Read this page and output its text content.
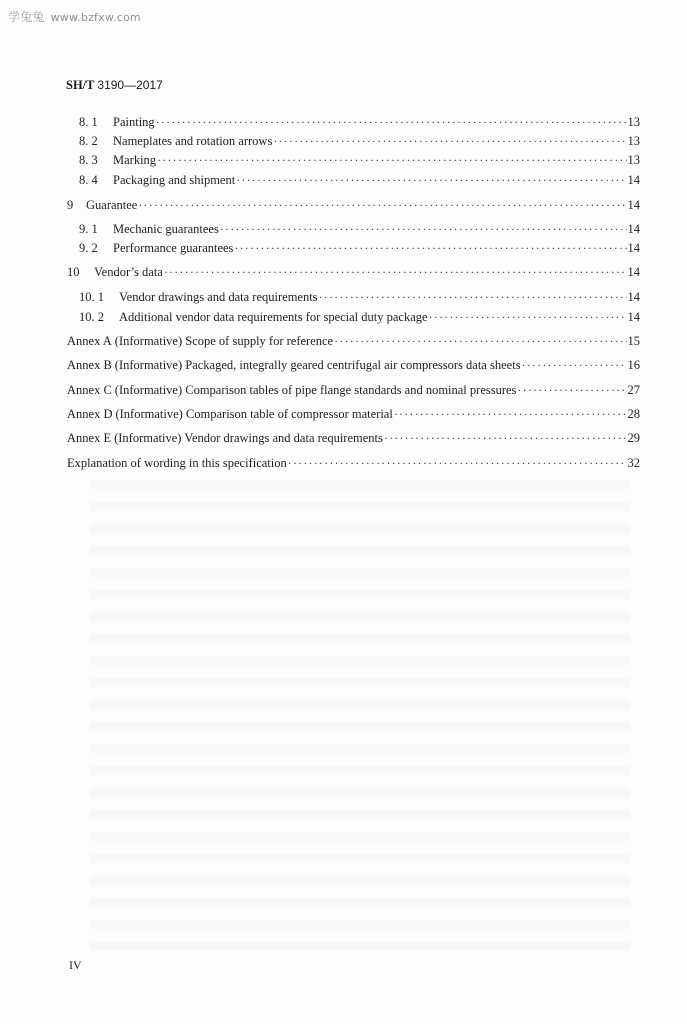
学兔兔 www.bzfxw.com
SH/T 3190—2017
8. 1 Painting ·····	13
8. 2 Nameplates and rotation arrows ·····	13
8. 3 Marking ·····	13
8. 4 Packaging and shipment ·····	14
9 Guarantee ·····	14
9. 1 Mechanic guarantees ·····	14
9. 2 Performance guarantees ·····	14
10 Vendor’s data ·····	14
10. 1 Vendor drawings and data requirements ·····	14
10. 2 Additional vendor data requirements for special duty package ·····	14
Annex A (Informative) Scope of supply for reference ·····	15
Annex B (Informative) Packaged, integrally geared centrifugal air compressors data sheets ·····	16
Annex C (Informative) Comparison tables of pipe flange standards and nominal pressures ·····	27
Annex D (Informative) Comparison table of compressor material ·····	28
Annex E (Informative) Vendor drawings and data requirements ·····	29
Explanation of wording in this specification ·····	32
IV
